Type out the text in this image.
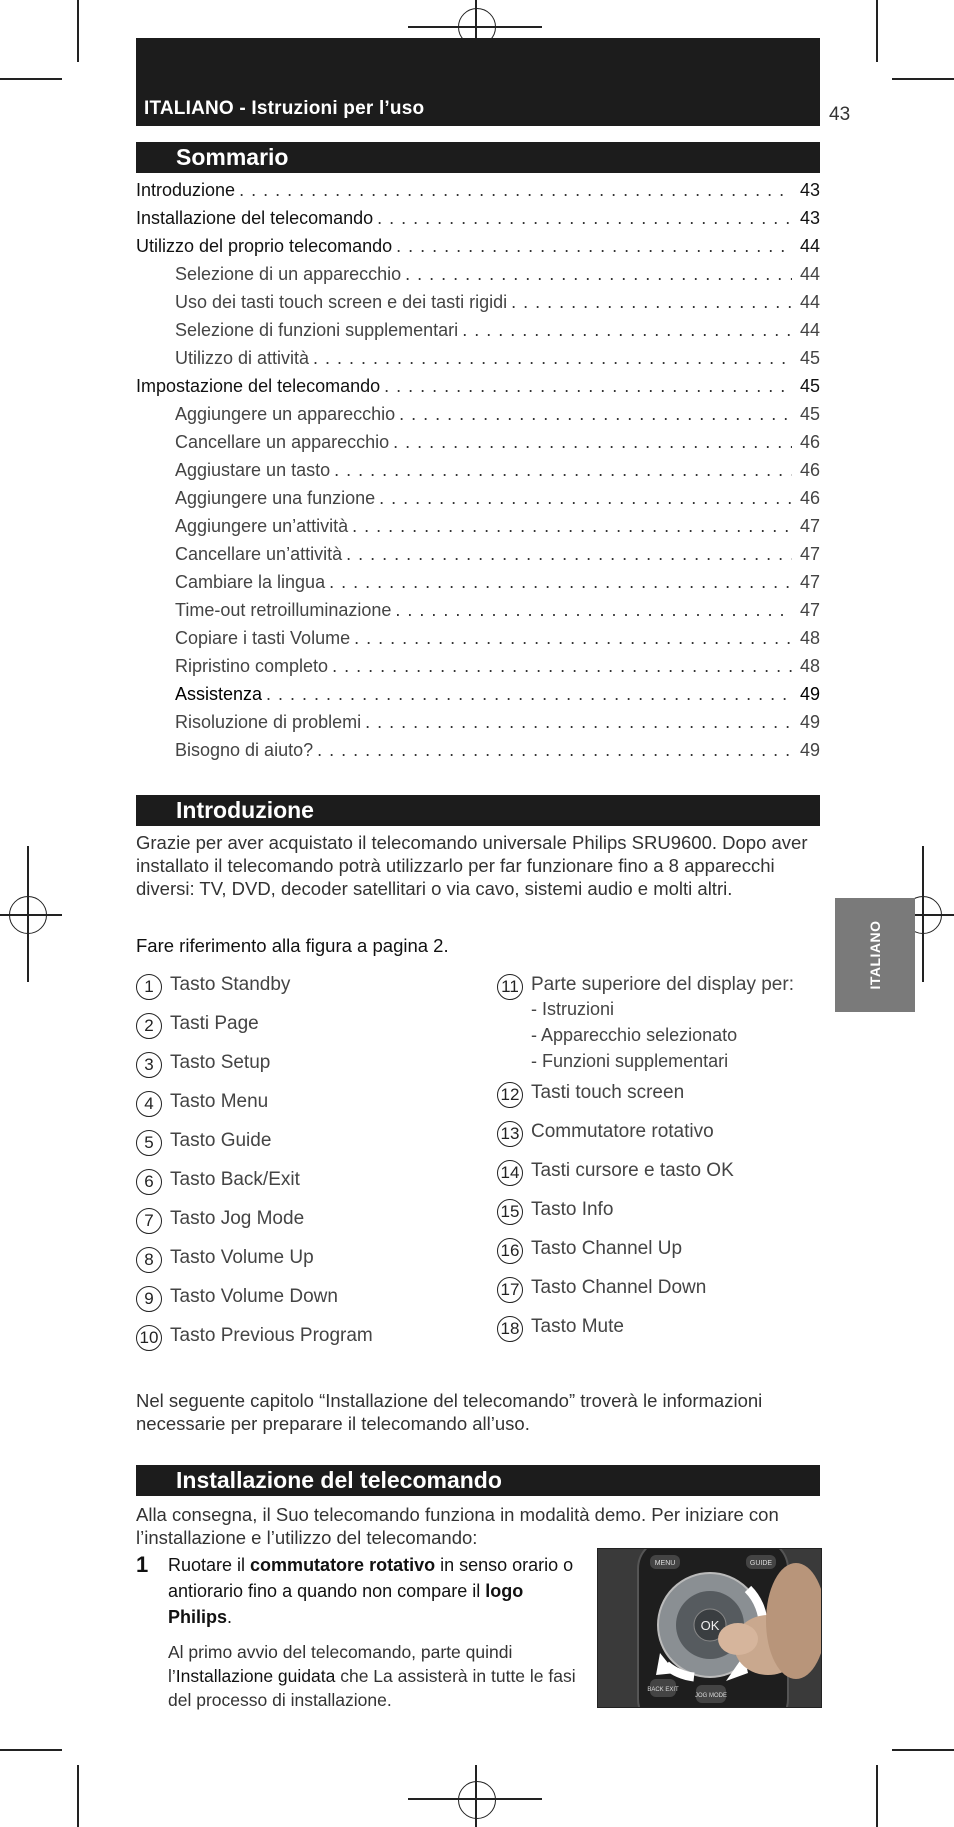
ITALIANO - Istruzioni per l’uso	43
Sommario
Introduzione . . .	43
Installazione del telecomando . . .	43
Utilizzo del proprio telecomando . . .	44
Selezione di un apparecchio . . .	44
Uso dei tasti touch screen e dei tasti rigidi . . .	44
Selezione di funzioni supplementari . . .	44
Utilizzo di attività . . .	45
Impostazione del telecomando . . .	45
Aggiungere un apparecchio . . .	45
Cancellare un apparecchio . . .	46
Aggiustare un tasto . . .	46
Aggiungere una funzione . . .	46
Aggiungere un’attività . . .	47
Cancellare un’attività . . .	47
Cambiare la lingua . . .	47
Time-out retroilluminazione . . .	47
Copiare i tasti Volume . . .	48
Ripristino completo . . .	48
Assistenza . . .	49
Risoluzione di problemi . . .	49
Bisogno di aiuto? . . .	49
Introduzione
Grazie per aver acquistato il telecomando universale Philips SRU9600. Dopo aver installato il telecomando potrà utilizzarlo per far funzionare fino a 8 apparecchi diversi: TV, DVD, decoder satellitari o via cavo, sistemi audio e molti altri.
Fare riferimento alla figura a pagina 2.
1 Tasto Standby
2 Tasti Page
3 Tasto Setup
4 Tasto Menu
5 Tasto Guide
6 Tasto Back/Exit
7 Tasto Jog Mode
8 Tasto Volume Up
9 Tasto Volume Down
10 Tasto Previous Program
11 Parte superiore del display per:
- Istruzioni
- Apparecchio selezionato
- Funzioni supplementari
12 Tasti touch screen
13 Commutatore rotativo
14 Tasti cursore e tasto OK
15 Tasto Info
16 Tasto Channel Up
17 Tasto Channel Down
18 Tasto Mute
ITALIANO
Nel seguente capitolo “Installazione del telecomando” troverà le informazioni necessarie per preparare il telecomando all’uso.
Installazione del telecomando
Alla consegna, il Suo telecomando funziona in modalità demo. Per iniziare con l’installazione e l’utilizzo del telecomando:
1 Ruotare il commutatore rotativo in senso orario o antiorario fino a quando non compare il logo Philips.
Al primo avvio del telecomando, parte quindi l’Installazione guidata che La assisterà in tutte le fasi del processo di installazione.
MENU	GUIDE
OK
BACK EXIT
JOG MODE
